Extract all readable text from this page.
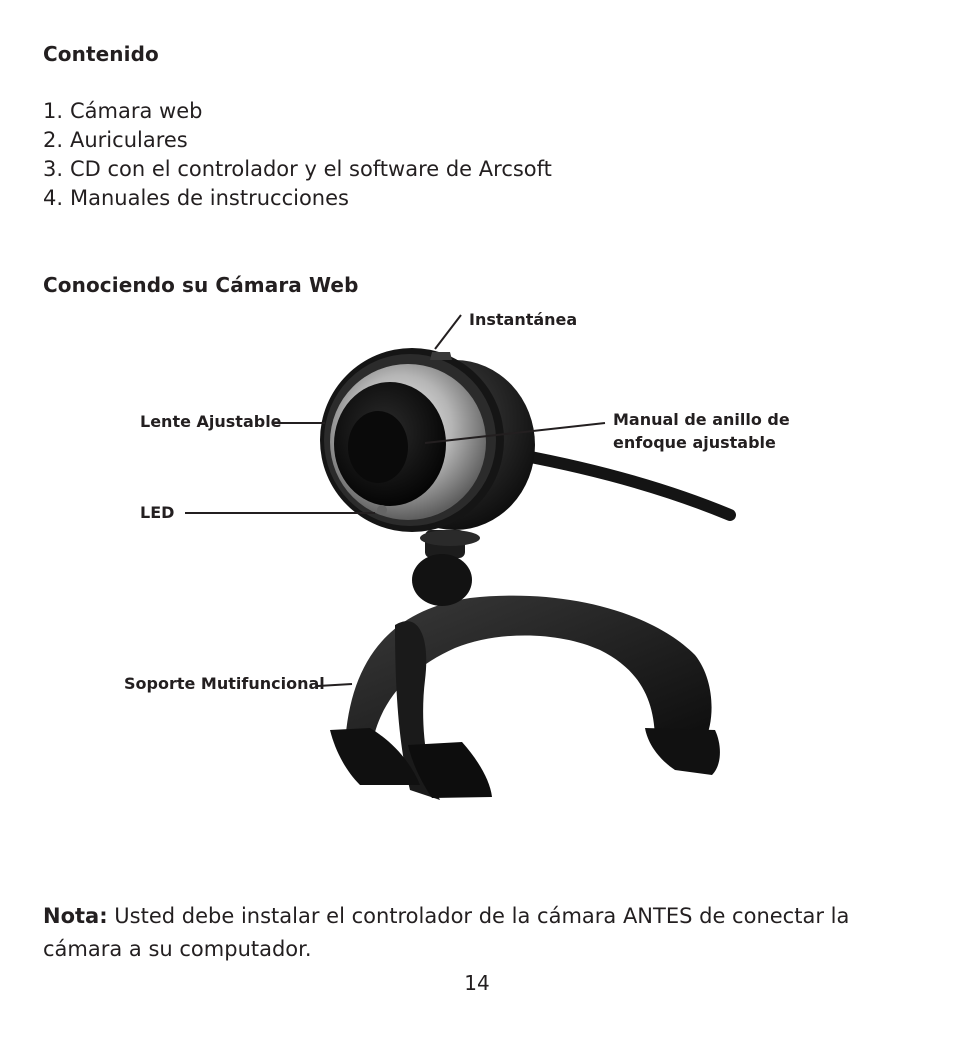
Contenido
1. Cámara web
2. Auriculares
3. CD con el controlador y el software de Arcsoft
4. Manuales de instrucciones
Conociendo su Cámara Web
Instantánea
Lente Ajustable	Manual de anillo de
enfoque ajustable
LED
Soporte Mutifuncional
Nota: Usted debe instalar el controlador de la cámara ANTES de conectar la cámara a su computador.
14
